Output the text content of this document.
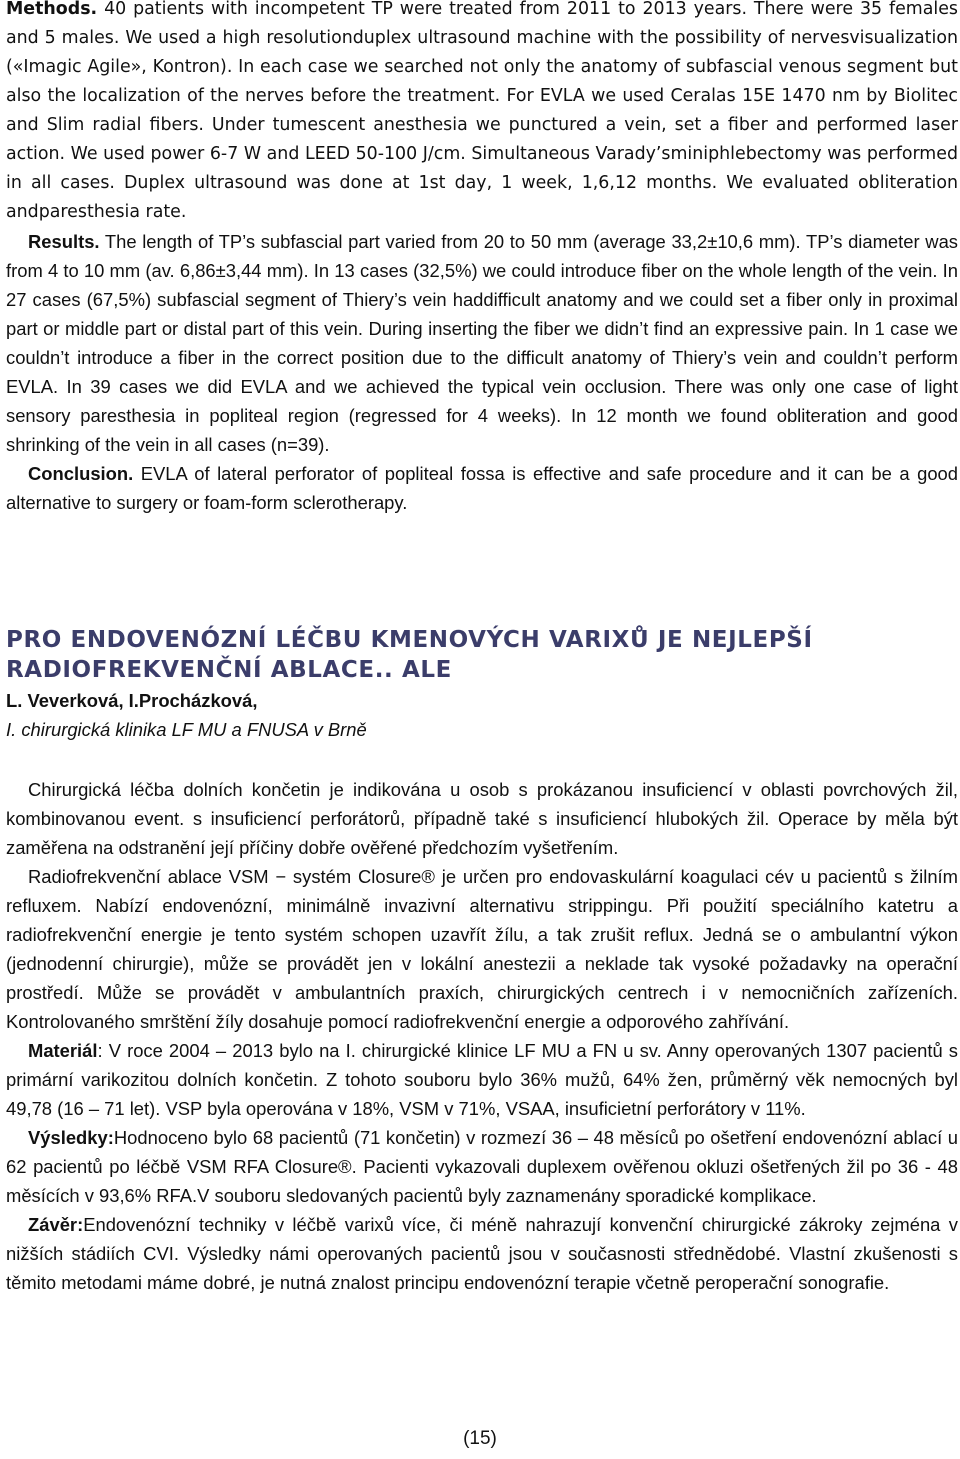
Methods. 40 patients with incompetent TP were treated from 2011 to 2013 years. There were 35 females and 5 males. We used a high resolutionduplex ultrasound machine with the possibility of nervesvisualization («Imagic Agile», Kontron). In each case we searched not only the anatomy of subfascial venous segment but also the localization of the nerves before the treatment. For EVLA we used Ceralas 15E 1470 nm by Biolitec and Slim radial fibers. Under tumescent anesthesia we punctured a vein, set a fiber and performed laser action. We used power 6-7 W and LEED 50-100 J/cm. Simultaneous Varady’sminiphlebectomy was performed in all cases. Duplex ultrasound was done at 1st day, 1 week, 1,6,12 months. We evaluated obliteration andparesthesia rate.

Results. The length of TP’s subfascial part varied from 20 to 50 mm (average 33,2±10,6 mm). TP’s diameter was from 4 to 10 mm (av. 6,86±3,44 mm). In 13 cases (32,5%) we could introduce fiber on the whole length of the vein. In 27 cases (67,5%) subfascial segment of Thiery’s vein haddifficult anatomy and we could set a fiber only in proximal part or middle part or distal part of this vein. During inserting the fiber we didn’t find an expressive pain. In 1 case we couldn’t introduce a fiber in the correct position due to the difficult anatomy of Thiery’s vein and couldn’t perform EVLA. In 39 cases we did EVLA and we achieved the typical vein occlusion. There was only one case of light sensory paresthesia in popliteal region (regressed for 4 weeks). In 12 month we found obliteration and good shrinking of the vein in all cases (n=39).

Conclusion. EVLA of lateral perforator of popliteal fossa is effective and safe procedure and it can be a good alternative to surgery or foam-form sclerotherapy.

PRO ENDOVENÓZNÍ LÉČBU KMENOVÝCH VARIXŮ JE NEJLEPŠÍ
RADIOFREKVENČNÍ ABLACE.. ALE
L. Veverková, I.Procházková,
I. chirurgická klinika LF MU a FNUSA v Brně

Chirurgická léčba dolních končetin je indikována u osob s prokázanou insuficiencí v oblasti povrchových žil, kombinovanou event. s insuficiencí perforátorů, případně také s insuficiencí hlubokých žil. Operace by měla být zaměřena na odstranění její příčiny dobře ověřené předchozím vyšetřením.

Radiofrekvenční ablace VSM − systém Closure® je určen pro endovaskulární koagulaci cév u pacientů s žilním refluxem. Nabízí endovenózní, minimálně invazivní alternativu strippingu. Při použití speciálního katetru a radiofrekvenční energie je tento systém schopen uzavřít žílu, a tak zrušit reflux. Jedná se o ambulantní výkon (jednodenní chirurgie), může se provádět jen v lokální anestezii a neklade tak vysoké požadavky na operační prostředí. Může se provádět v ambulantních praxích, chirurgických centrech i v nemocničních zařízeních. Kontrolovaného smrštění žíly dosahuje pomocí radiofrekvenční energie a odporového zahřívání.

Materiál: V roce 2004 – 2013 bylo na I. chirurgické klinice LF MU a FN u sv. Anny operovaných 1307 pacientů s primární varikozitou dolních končetin. Z tohoto souboru bylo 36% mužů, 64% žen, průměrný věk nemocných byl 49,78 (16 – 71 let). VSP byla operována v 18%, VSM v 71%, VSAA, insuficietní perforátory v 11%.

Výsledky:Hodnoceno bylo 68 pacientů (71 končetin) v rozmezí 36 – 48 měsíců po ošetření endovenózní ablací u 62 pacientů po léčbě VSM RFA Closure®. Pacienti vykazovali duplexem ověřenou okluzi ošetřených žil po 36 - 48 měsících v 93,6% RFA.V souboru sledovaných pacientů byly zaznamenány sporadické komplikace.

Závěr:Endovenózní techniky v léčbě varixů více, či méně nahrazují konvenční chirurgické zákroky zejména v nižších stádiích CVI. Výsledky námi operovaných pacientů jsou v současnosti střednědobé. Vlastní zkušenosti s těmito metodami máme dobré, je nutná znalost principu endovenózní terapie včetně peroperační sonografie.

(15)
